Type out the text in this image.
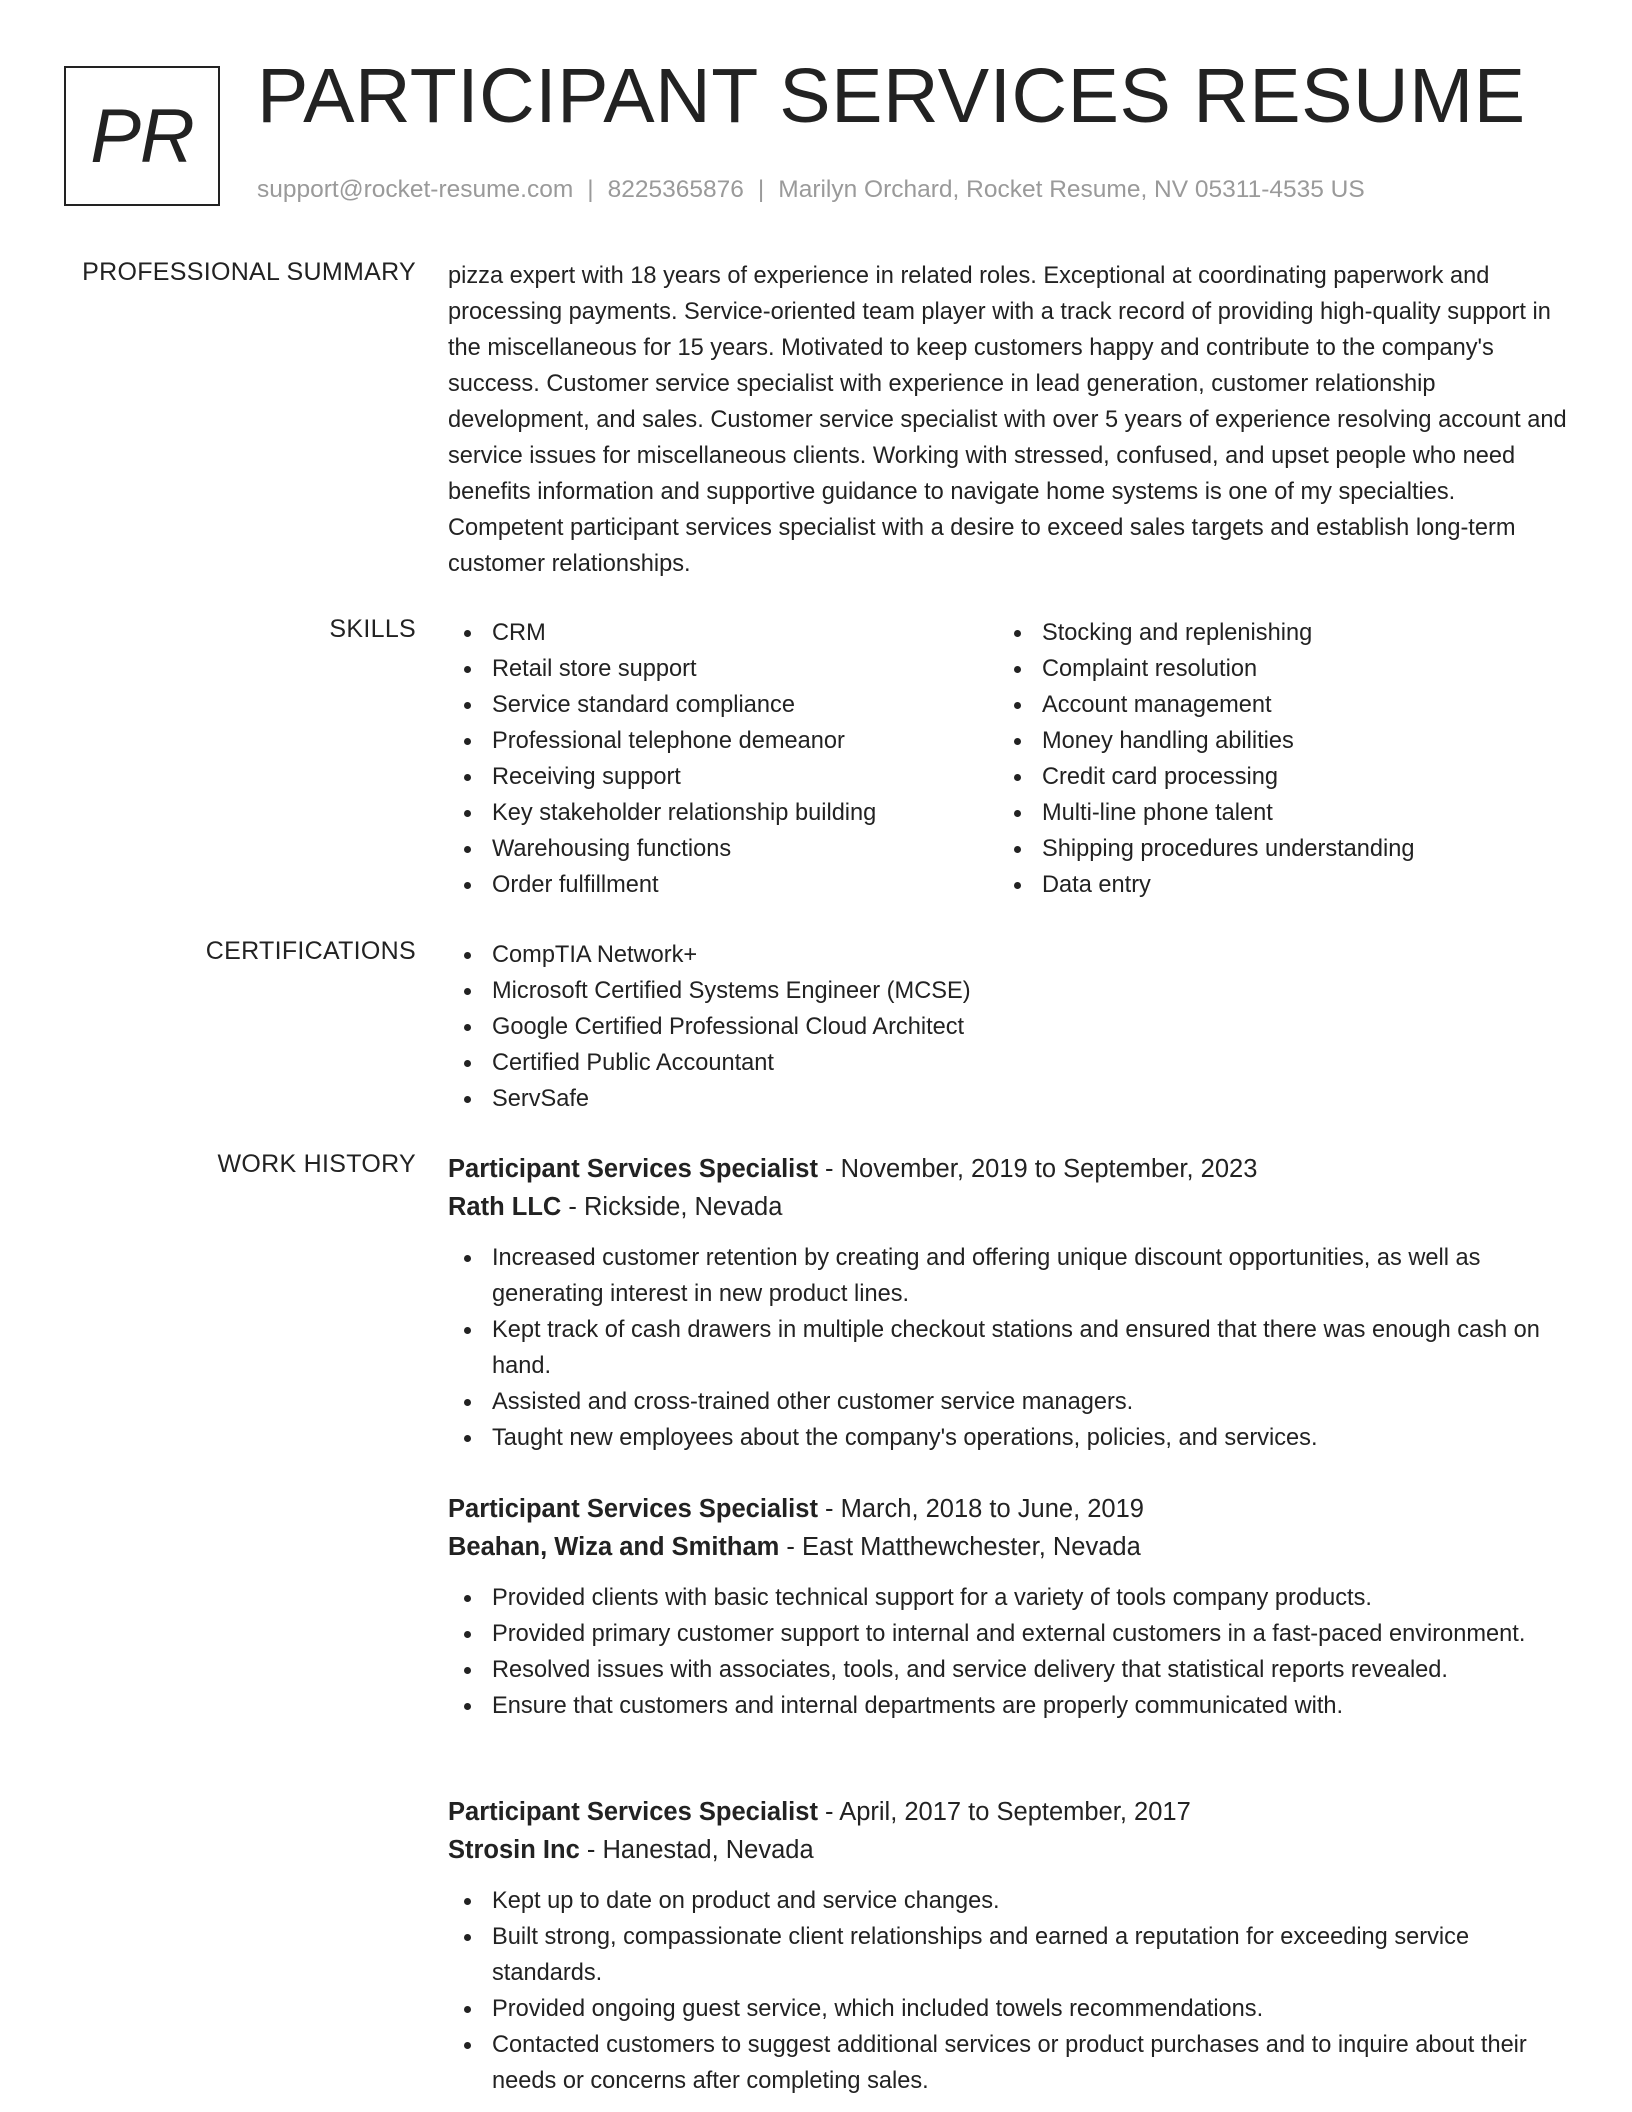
PR PARTICIPANT SERVICES RESUME
support@rocket-resume.com | 8225365876 | Marilyn Orchard, Rocket Resume, NV 05311-4535 US
PROFESSIONAL SUMMARY pizza expert with 18 years of experience in related roles. Exceptional at coordinating paperwork and processing payments. Service-oriented team player with a track record of providing high-quality support in the miscellaneous for 15 years. Motivated to keep customers happy and contribute to the company's success. Customer service specialist with experience in lead generation, customer relationship development, and sales. Customer service specialist with over 5 years of experience resolving account and service issues for miscellaneous clients. Working with stressed, confused, and upset people who need benefits information and supportive guidance to navigate home systems is one of my specialties. Competent participant services specialist with a desire to exceed sales targets and establish long-term customer relationships.
SKILLS	CRM
Retail store support
Service standard compliance
Professional telephone demeanor
Receiving support
Key stakeholder relationship building
Warehousing functions
Order fulfillment
Stocking and replenishing
Complaint resolution
Account management
Money handling abilities
Credit card processing
Multi-line phone talent
Shipping procedures understanding
Data entry
CERTIFICATIONS	CompTIA Network+
Microsoft Certified Systems Engineer (MCSE)
Google Certified Professional Cloud Architect
Certified Public Accountant
ServSafe
WORK HISTORY Participant Services Specialist - November, 2019 to September, 2023
Rath LLC - Rickside, Nevada
Increased customer retention by creating and offering unique discount opportunities, as well as generating interest in new product lines.
Kept track of cash drawers in multiple checkout stations and ensured that there was enough cash on hand.
Assisted and cross-trained other customer service managers.
Taught new employees about the company's operations, policies, and services.
Participant Services Specialist - March, 2018 to June, 2019
Beahan, Wiza and Smitham - East Matthewchester, Nevada
Provided clients with basic technical support for a variety of tools company products.
Provided primary customer support to internal and external customers in a fast-paced environment.
Resolved issues with associates, tools, and service delivery that statistical reports revealed.
Ensure that customers and internal departments are properly communicated with.
Participant Services Specialist - April, 2017 to September, 2017
Strosin Inc - Hanestad, Nevada
Kept up to date on product and service changes.
Built strong, compassionate client relationships and earned a reputation for exceeding service standards.
Provided ongoing guest service, which included towels recommendations.
Contacted customers to suggest additional services or product purchases and to inquire about their needs or concerns after completing sales.
